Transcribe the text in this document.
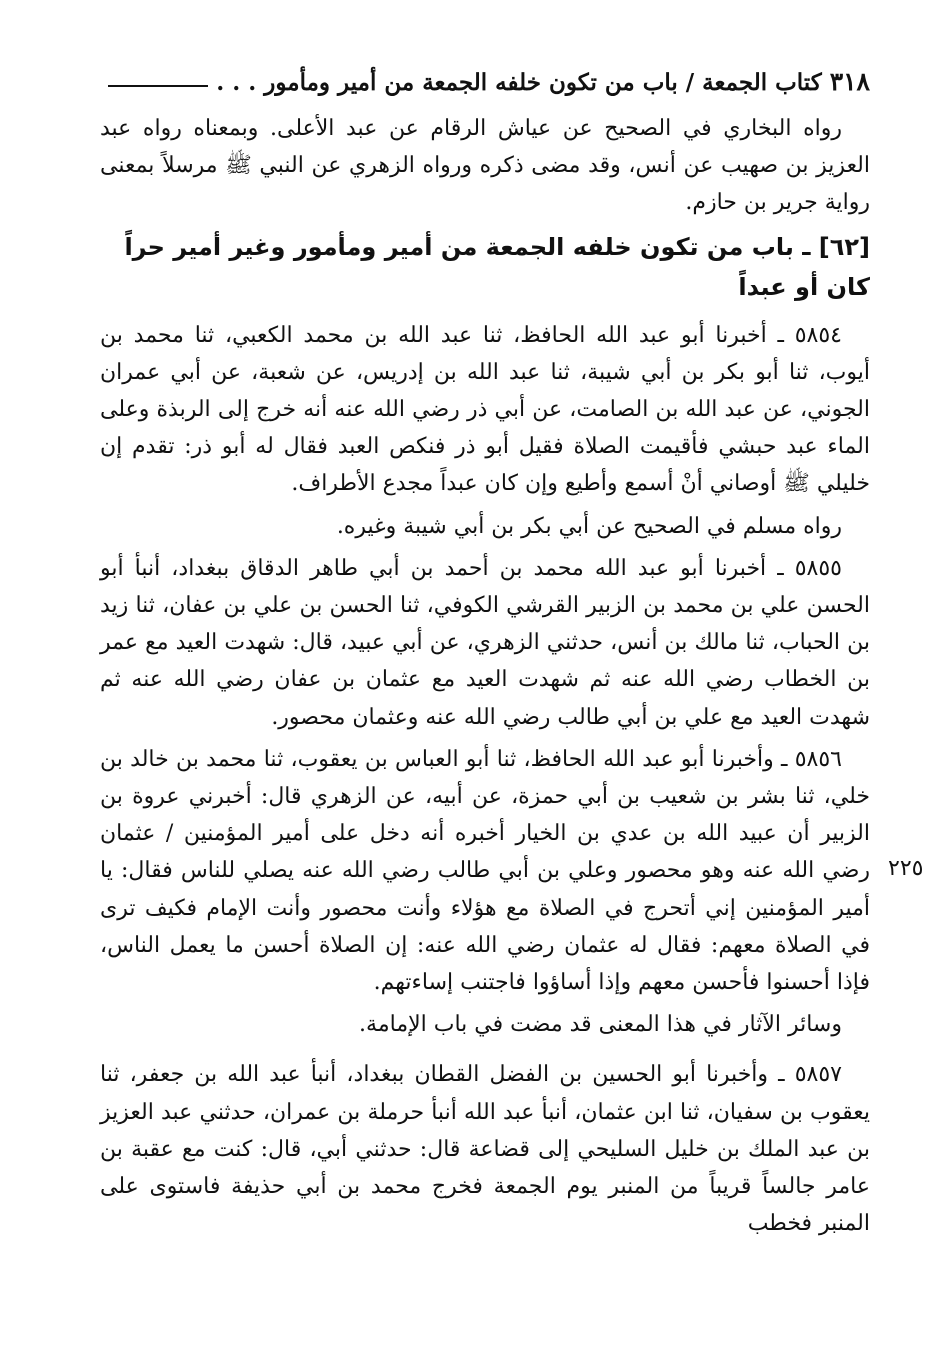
٣١٨
كتاب الجمعة / باب من تكون خلفه الجمعة من أمير ومأمور . . .
٢٢٥

رواه البخاري في الصحيح عن عياش الرقام عن عبد الأعلى. وبمعناه رواه عبد العزيز بن صهيب عن أنس، وقد مضى ذكره ورواه الزهري عن النبي ﷺ مرسلاً بمعنى رواية جرير بن حازم.

[٦٢] ـ باب من تكون خلفه الجمعة من أمير ومأمور وغير أمير حراً كان أو عبداً

٥٨٥٤ ـ أخبرنا أبو عبد الله الحافظ، ثنا عبد الله بن محمد الكعبي، ثنا محمد بن أيوب، ثنا أبو بكر بن أبي شيبة، ثنا عبد الله بن إدريس، عن شعبة، عن أبي عمران الجوني، عن عبد الله بن الصامت، عن أبي ذر رضي الله عنه أنه خرج إلى الربذة وعلى الماء عبد حبشي فأقيمت الصلاة فقيل أبو ذر فنكص العبد فقال له أبو ذر: تقدم إن خليلي ﷺ أوصاني أنْ أسمع وأطيع وإن كان عبداً مجدع الأطراف.

رواه مسلم في الصحيح عن أبي بكر بن أبي شيبة وغيره.

٥٨٥٥ ـ أخبرنا أبو عبد الله محمد بن أحمد بن أبي طاهر الدقاق ببغداد، أنبأ أبو الحسن علي بن محمد بن الزبير القرشي الكوفي، ثنا الحسن بن علي بن عفان، ثنا زيد بن الحباب، ثنا مالك بن أنس، حدثني الزهري، عن أبي عبيد، قال: شهدت العيد مع عمر بن الخطاب رضي الله عنه ثم شهدت العيد مع عثمان بن عفان رضي الله عنه ثم شهدت العيد مع علي بن أبي طالب رضي الله عنه وعثمان محصور.

٥٨٥٦ ـ وأخبرنا أبو عبد الله الحافظ، ثنا أبو العباس بن يعقوب، ثنا محمد بن خالد بن خلي، ثنا بشر بن شعيب بن أبي حمزة، عن أبيه، عن الزهري قال: أخبرني عروة بن الزبير أن عبيد الله بن عدي بن الخيار أخبره أنه دخل على أمير المؤمنين / عثمان رضي الله عنه وهو محصور وعلي بن أبي طالب رضي الله عنه يصلي للناس فقال: يا أمير المؤمنين إني أتحرج في الصلاة مع هؤلاء وأنت محصور وأنت الإمام فكيف ترى في الصلاة معهم: فقال له عثمان رضي الله عنه: إن الصلاة أحسن ما يعمل الناس، فإذا أحسنوا فأحسن معهم وإذا أساؤوا فاجتنب إساءتهم.

وسائر الآثار في هذا المعنى قد مضت في باب الإمامة.

٥٨٥٧ ـ وأخبرنا أبو الحسين بن الفضل القطان ببغداد، أنبأ عبد الله بن جعفر، ثنا يعقوب بن سفيان، ثنا ابن عثمان، أنبأ عبد الله أنبأ حرملة بن عمران، حدثني عبد العزيز بن عبد الملك بن خليل السليحي إلى قضاعة قال: حدثني أبي، قال: كنت مع عقبة بن عامر جالساً قريباً من المنبر يوم الجمعة فخرج محمد بن أبي حذيفة فاستوى على المنبر فخطب
